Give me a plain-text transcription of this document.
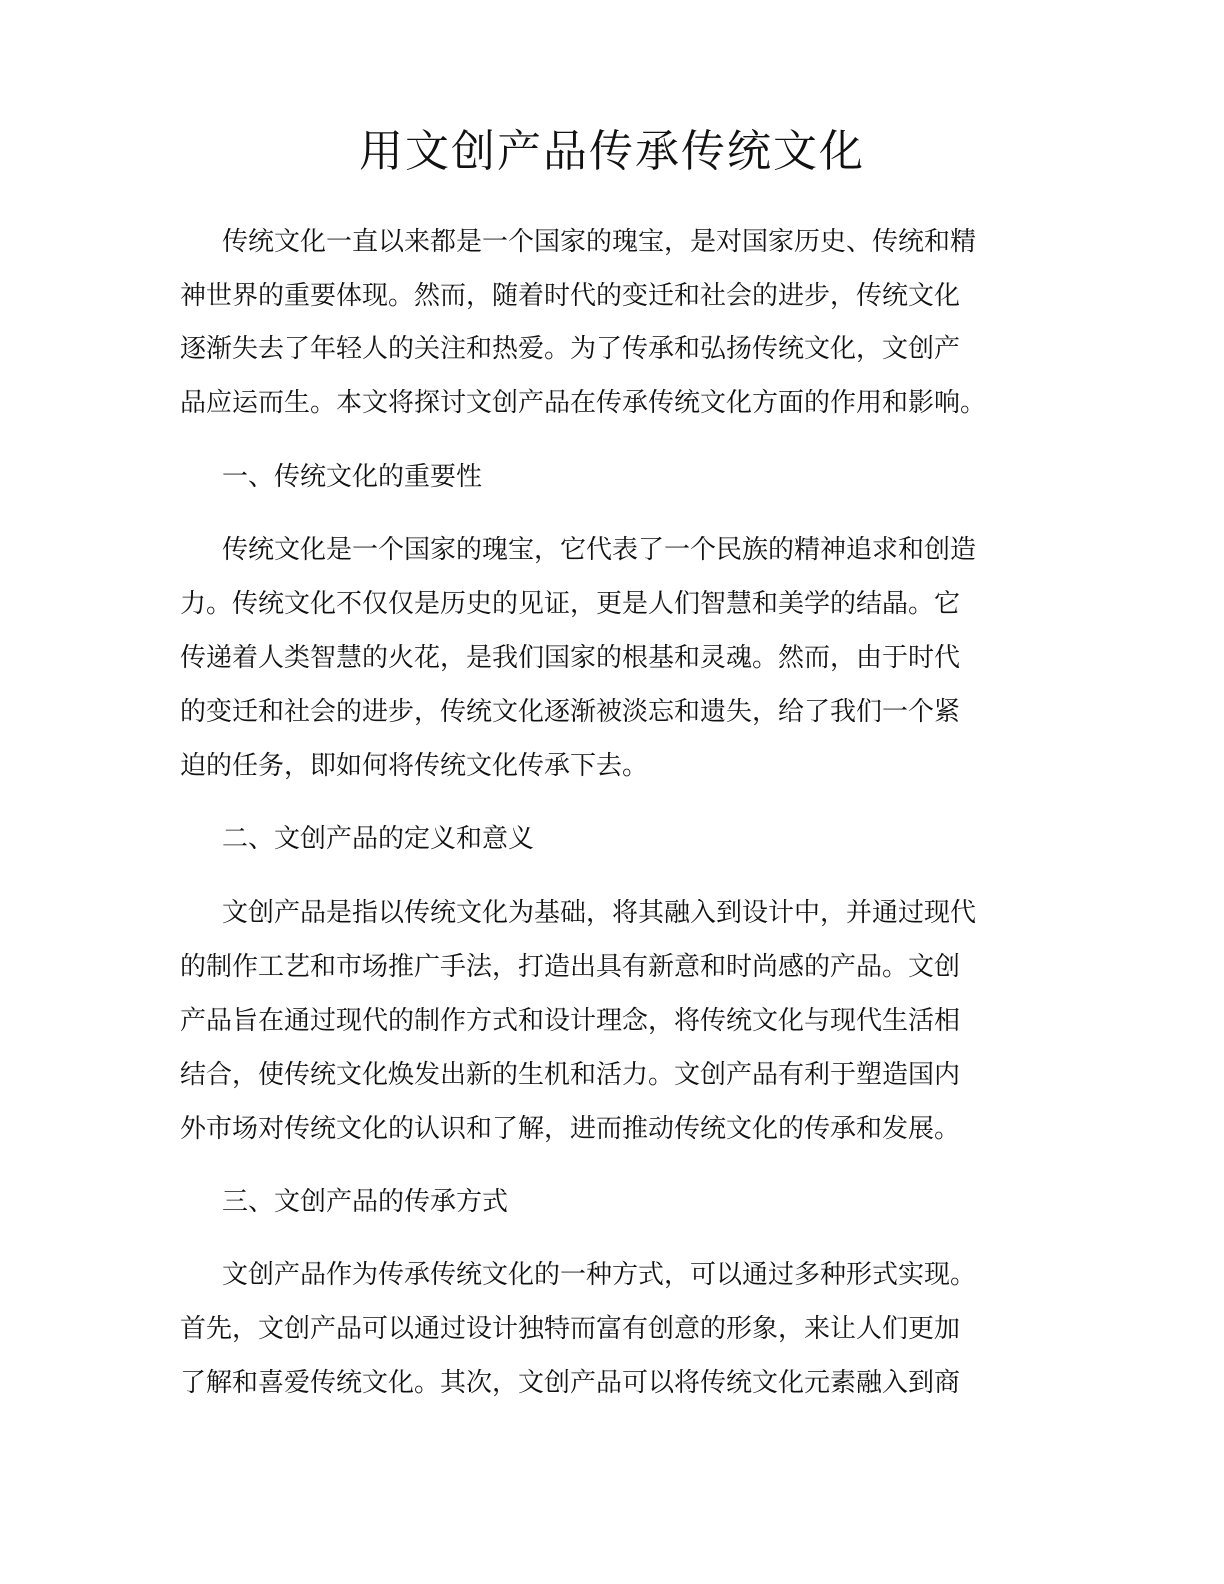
用文创产品传承传统文化
传统文化一直以来都是一个国家的瑰宝，是对国家历史、传统和精
神世界的重要体现。然而，随着时代的变迁和社会的进步，传统文化
逐渐失去了年轻人的关注和热爱。为了传承和弘扬传统文化，文创产
品应运而生。本文将探讨文创产品在传承传统文化方面的作用和影响。
一、传统文化的重要性
传统文化是一个国家的瑰宝，它代表了一个民族的精神追求和创造
力。传统文化不仅仅是历史的见证，更是人们智慧和美学的结晶。它
传递着人类智慧的火花，是我们国家的根基和灵魂。然而，由于时代
的变迁和社会的进步，传统文化逐渐被淡忘和遗失，给了我们一个紧
迫的任务，即如何将传统文化传承下去。
二、文创产品的定义和意义
文创产品是指以传统文化为基础，将其融入到设计中，并通过现代
的制作工艺和市场推广手法，打造出具有新意和时尚感的产品。文创
产品旨在通过现代的制作方式和设计理念，将传统文化与现代生活相
结合，使传统文化焕发出新的生机和活力。文创产品有利于塑造国内
外市场对传统文化的认识和了解，进而推动传统文化的传承和发展。
三、文创产品的传承方式
文创产品作为传承传统文化的一种方式，可以通过多种形式实现。
首先，文创产品可以通过设计独特而富有创意的形象，来让人们更加
了解和喜爱传统文化。其次，文创产品可以将传统文化元素融入到商
